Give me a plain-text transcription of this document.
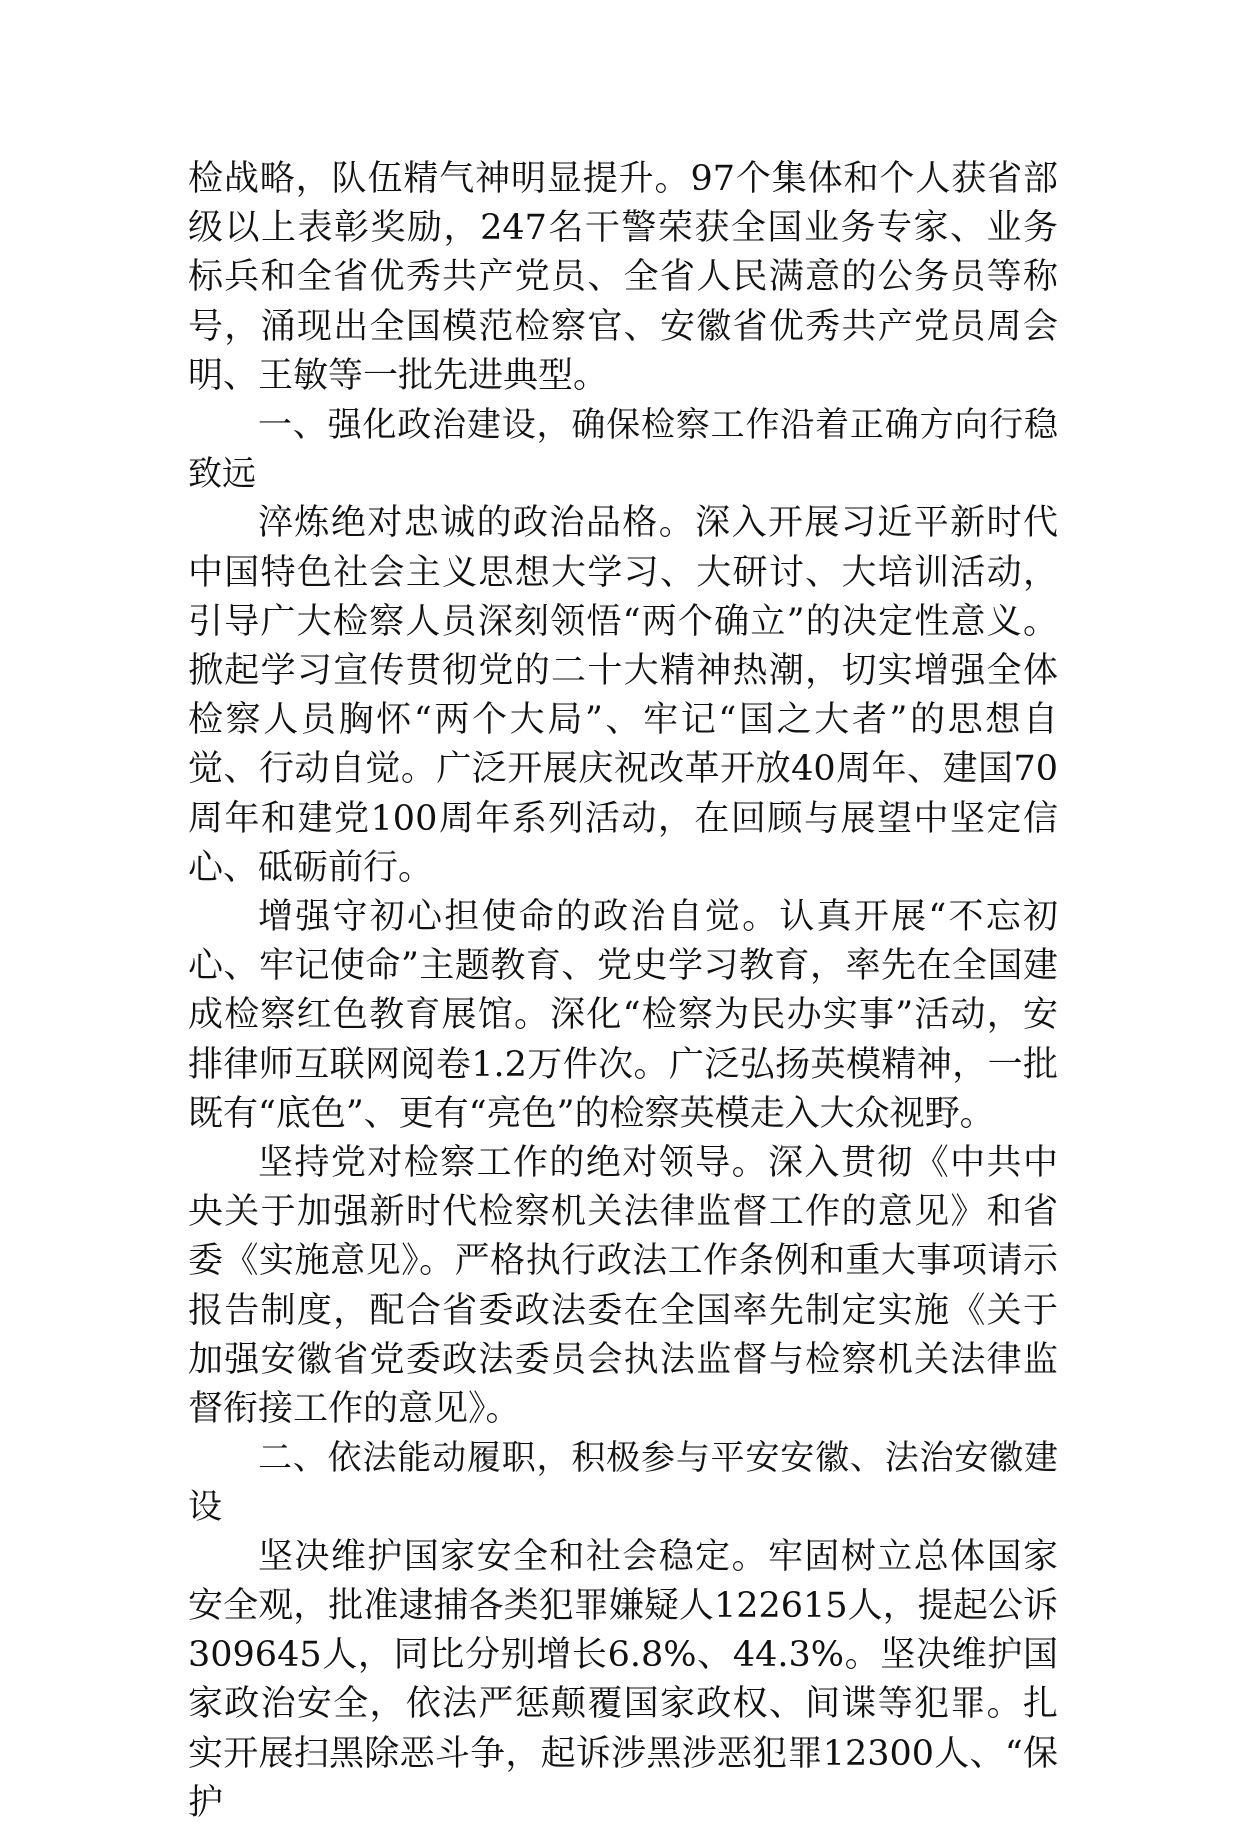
检战略，队伍精气神明显提升。97个集体和个人获省部级以上表彰奖励，247名干警荣获全国业务专家、业务标兵和全省优秀共产党员、全省人民满意的公务员等称号，涌现出全国模范检察官、安徽省优秀共产党员周会明、王敏等一批先进典型。

一、强化政治建设，确保检察工作沿着正确方向行稳致远

淬炼绝对忠诚的政治品格。深入开展习近平新时代中国特色社会主义思想大学习、大研讨、大培训活动，引导广大检察人员深刻领悟“两个确立”的决定性意义。掀起学习宣传贯彻党的二十大精神热潮，切实增强全体检察人员胸怀“两个大局”、牢记“国之大者”的思想自觉、行动自觉。广泛开展庆祝改革开放40周年、建国70周年和建党100周年系列活动，在回顾与展望中坚定信心、砥砺前行。

增强守初心担使命的政治自觉。认真开展“不忘初心、牢记使命”主题教育、党史学习教育，率先在全国建成检察红色教育展馆。深化“检察为民办实事”活动，安排律师互联网阅卷1.2万件次。广泛弘扬英模精神，一批既有“底色”、更有“亮色”的检察英模走入大众视野。

坚持党对检察工作的绝对领导。深入贯彻《中共中央关于加强新时代检察机关法律监督工作的意见》和省委《实施意见》。严格执行政法工作条例和重大事项请示报告制度，配合省委政法委在全国率先制定实施《关于加强安徽省党委政法委员会执法监督与检察机关法律监督衔接工作的意见》。

二、依法能动履职，积极参与平安安徽、法治安徽建设

坚决维护国家安全和社会稳定。牢固树立总体国家安全观，批准逮捕各类犯罪嫌疑人122615人，提起公诉309645人，同比分别增长6.8%、44.3%。坚决维护国家政治安全，依法严惩颠覆国家政权、间谍等犯罪。扎实开展扫黑除恶斗争，起诉涉黑涉恶犯罪12300人、“保护
